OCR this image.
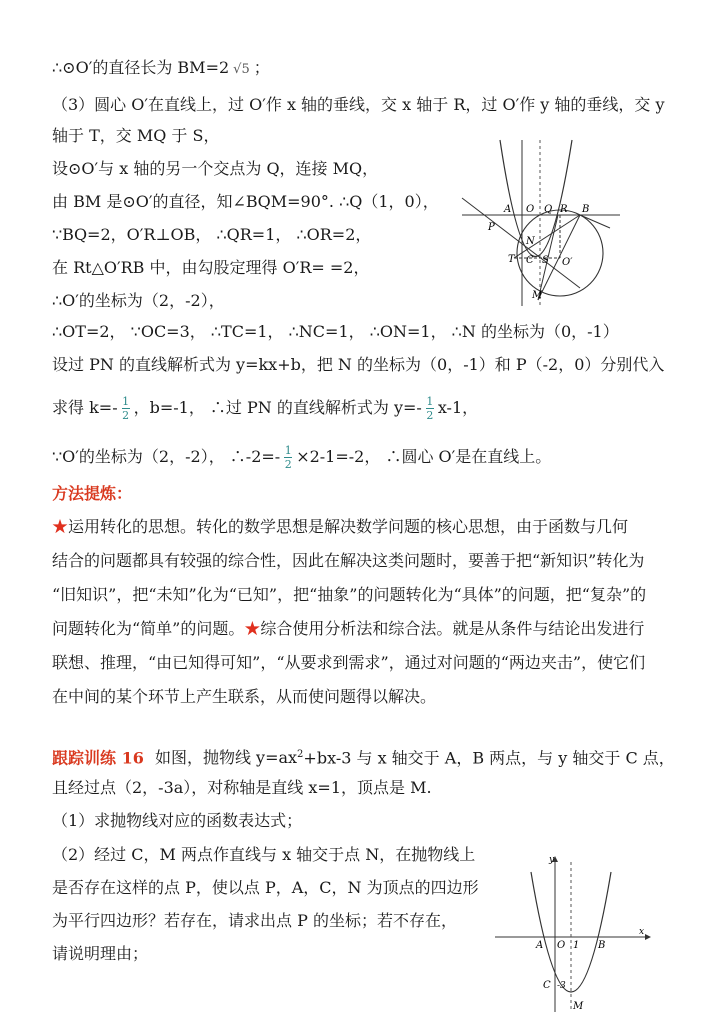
∴⊙O′的直径长为 BM=2 √5 ；
（3）圆心 O′在直线上，过 O′作 x 轴的垂线，交 x 轴于 R，过 O′作 y 轴的垂线，交 y
轴于 T，交 MQ 于 S，
设⊙O′与 x 轴的另一个交点为 Q，连接 MQ，
由 BM 是⊙O′的直径，知∠BQM=90°. ∴Q（1，0），
∵BQ=2，O′R⊥OB， ∴QR=1， ∴OR=2，
在 Rt△O′RB 中，由勾股定理得 O′R= =2，
∴O′的坐标为（2，-2），
∴OT=2， ∵OC=3， ∴TC=1， ∴NC=1， ∴ON=1， ∴N 的坐标为（0，-1）
设过 PN 的直线解析式为 y=kx+b，把 N 的坐标为（0，-1）和 P（-2，0）分别代入
求得 $k=- \frac{1}{2}$ ，b=-1， ∴过 PN 的直线解析式为 $y=- \frac{1}{2} x-1$，
∵O′的坐标为（2，-2）， ∴-2=- $\frac{1}{2} \times 2-1=-2$， ∴圆心 O′是在直线上。
A O	R B
P
Q
N
T C S O′
M
方法提炼：
★运用转化的思想。转化的数学思想是解决数学问题的核心思想，由于函数与几何
结合的问题都具有较强的综合性，因此在解决这类问题时，要善于把“新知识”转化为
“旧知识”，把“未知”化为“已知”，把“抽象”的问题转化为“具体”的问题，把“复杂”的
问题转化为“简单”的问题。★综合使用分析法和综合法。就是从条件与结论出发进行
联想、推理，“由已知得可知”，“从要求到需求”，通过对问题的“两边夹击”，使它们
在中间的某个环节上产生联系，从而使问题得以解决。
跟踪训练 16 如图，抛物线 $y=ax^2+bx-3$ 与 x 轴交于 A，B 两点，与 y 轴交于 C 点，
且经过点（2，-3a），对称轴是直线 x=1，顶点是 M.
（1）求抛物线对应的函数表达式；
（2）经过 C，M 两点作直线与 x 轴交于点 N，在抛物线上
是否存在这样的点 P，使以点 P，A，C，N 为顶点的四边形
为平行四边形？若存在，请求出点 P 的坐标；若不存在，
请说明理由；
y
x
A O 1 B
C -3
M
